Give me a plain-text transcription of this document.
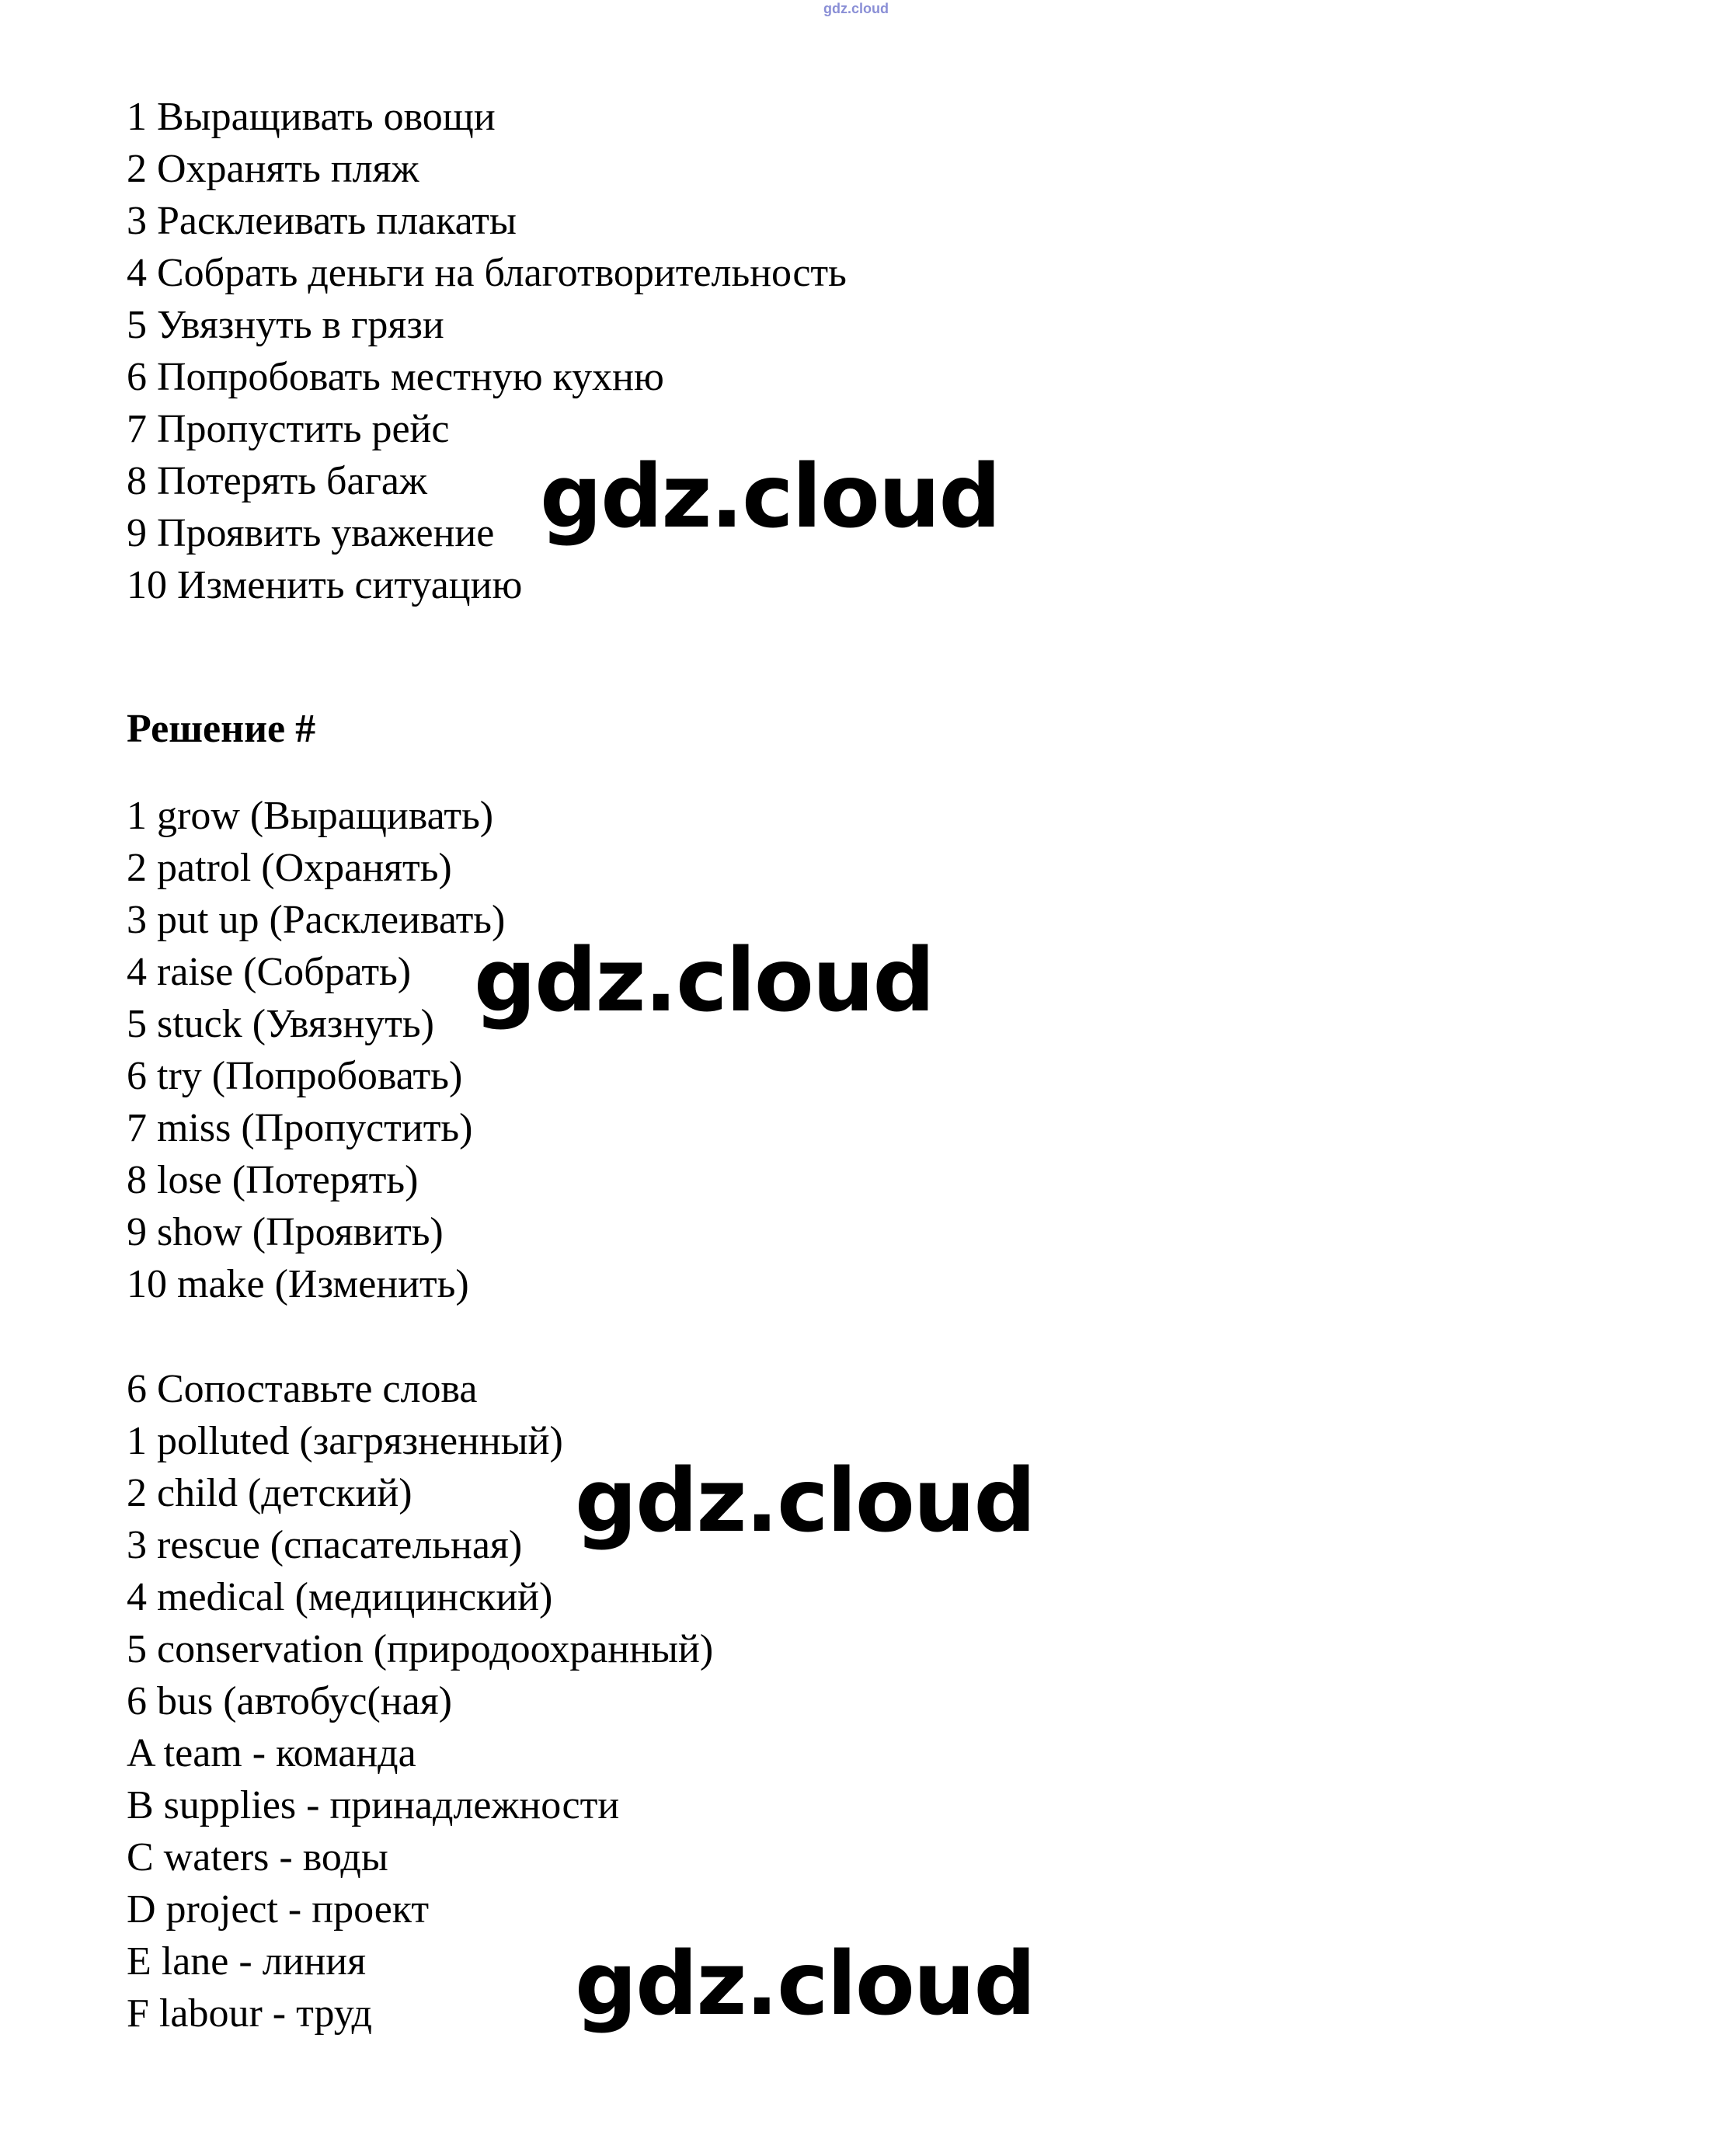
gdz.cloud
1 Выращивать овощи
2 Охранять пляж
3 Расклеивать плакаты
4 Собрать деньги на благотворительность
5 Увязнуть в грязи
6 Попробовать местную кухню
7 Пропустить рейс
8 Потерять багаж
9 Проявить уважение
10 Изменить ситуацию
Решение #
1 grow (Выращивать)
2 patrol (Охранять)
3 put up (Расклеивать)
4 raise (Собрать)
5 stuck (Увязнуть)
6 try (Попробовать)
7 miss (Пропустить)
8 lose (Потерять)
9 show (Проявить)
10 make (Изменить)
6 Сопоставьте слова
1 polluted (загрязненный)
2 child (детский)
3 rescue (спасательная)
4 medical (медицинский)
5 conservation (природоохранный)
6 bus (автобус(ная)
A team - команда
B supplies - принадлежности
C waters - воды
D project - проект
E lane - линия
F labour - труд
gdz.cloud
gdz.cloud
gdz.cloud
gdz.cloud
